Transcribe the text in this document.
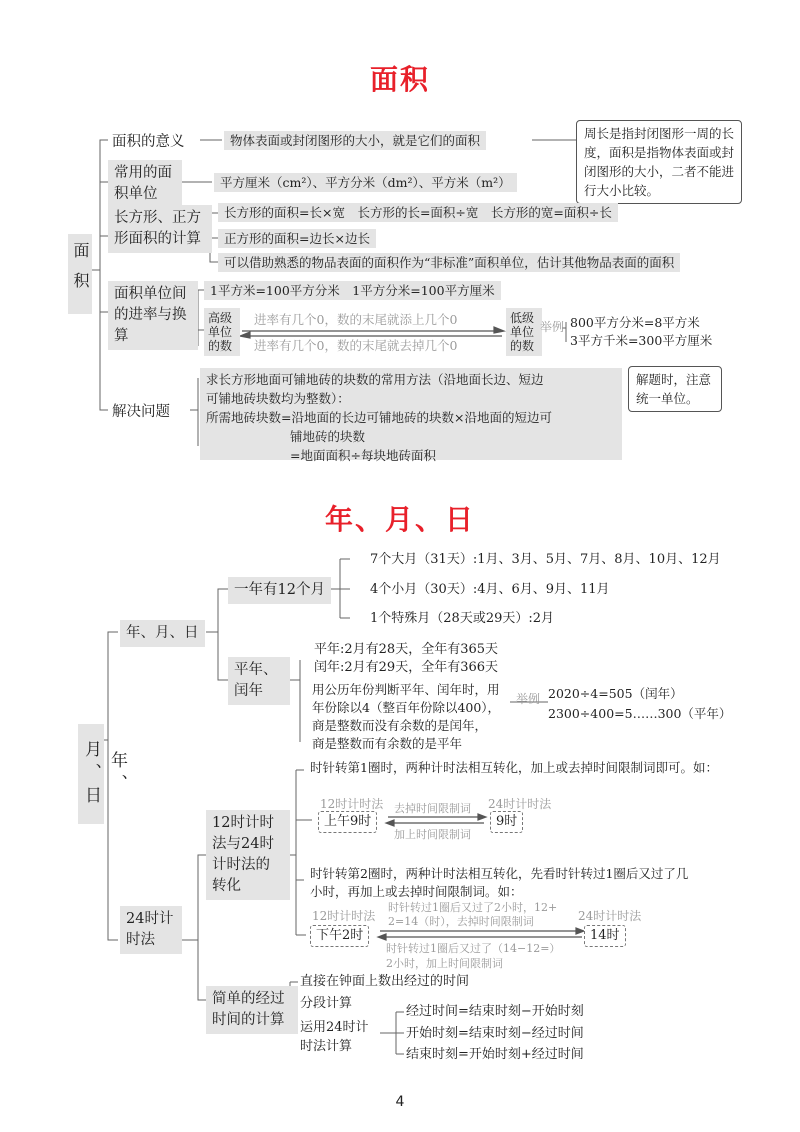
面积
面积
面积的意义	物体表面或封闭图形的大小，就是它们的面积	周长是指封闭图形一周的长度，面积是指物体表面或封闭图形的大小，二者不能进行大小比较。
常用的面积单位
平方厘米（cm²）、平方分米（dm²）、平方米（m²）
长方形、正方形面积的计算
长方形的面积=长×宽　长方形的长=面积÷宽　长方形的宽=面积÷长
正方形的面积=边长×边长
可以借助熟悉的物品表面的面积作为“非标准”面积单位，估计其他物品表面的面积
面积单位间的进率与换算
1平方米=100平方分米　1平方分米=100平方厘米
高级单位的数
低级单位的数
进率有几个0，数的末尾就添上几个0
进率有几个0，数的末尾就去掉几个0
举例 800平方分米=8平方米
3平方千米=300平方厘米
解决问题
求长方形地面可铺地砖的块数的常用方法（沿地面长边、短边
可铺地砖块数均为整数）：
所需地砖块数=沿地面的长边可铺地砖的块数×沿地面的短边可
铺地砖的块数
=地面面积÷每块地砖面积
解题时，注意统一单位。
年、月、日
年、月、日
年、月、日
一年有12个月
7个大月（31天）:1月、3月、5月、7月、8月、10月、12月
4个小月（30天）:4月、6月、9月、11月
1个特殊月（28天或29天）:2月
平年、闰年
平年:2月有28天，全年有365天
闰年:2月有29天，全年有366天
用公历年份判断平年、闰年时，用
年份除以4（整百年份除以400），
商是整数而没有余数的是闰年，
商是整数而有余数的是平年
举例 2020÷4=505（闰年）
2300÷400=5……300（平年）
24时计时法
12时计时法与24时计时法的转化
时针转第1圈时，两种计时法相互转化，加上或去掉时间限制词即可。如：
12时计时法	24时计时法
上午9时	9时
去掉时间限制词
加上时间限制词
时针转第2圈时，两种计时法相互转化，先看时针转过1圈后又过了几
小时，再加上或去掉时间限制词。如：
12时计时法	24时计时法
时针转过1圈后又过了2小时，12+
2=14（时），去掉时间限制词
下午2时	14时
时针转过1圈后又过了（14−12=）
2小时，加上时间限制词
简单的经过时间的计算
直接在钟面上数出经过的时间
分段计算
运用24时计时法计算
经过时间=结束时刻−开始时刻
开始时刻=结束时刻−经过时间
结束时刻=开始时刻+经过时间
4
